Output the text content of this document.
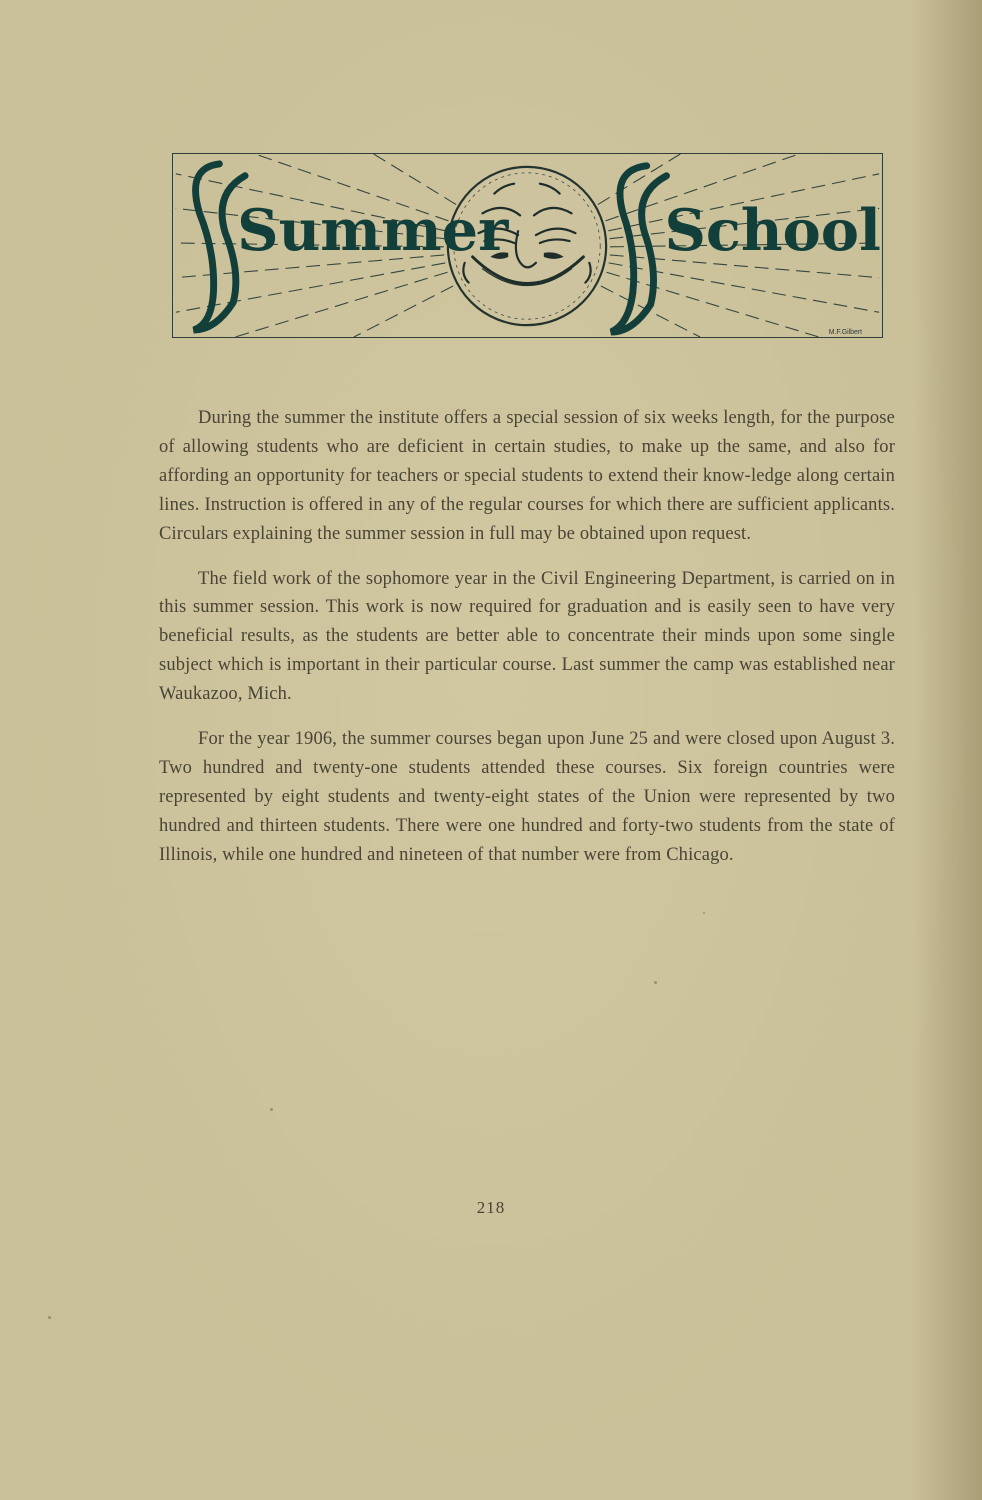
Summer	School
M.F.Gilbert

During the summer the institute offers a special session of six weeks length, for the purpose of allowing students who are deficient in certain studies, to make up the same, and also for affording an opportunity for teachers or special students to extend their know-ledge along certain lines. Instruction is offered in any of the regular courses for which there are sufficient applicants. Circulars explaining the summer session in full may be obtained upon request.

The field work of the sophomore year in the Civil Engineering Department, is carried on in this summer session. This work is now required for graduation and is easily seen to have very beneficial results, as the students are better able to concentrate their minds upon some single subject which is important in their particular course. Last summer the camp was established near Waukazoo, Mich.

For the year 1906, the summer courses began upon June 25 and were closed upon August 3. Two hundred and twenty-one students attended these courses. Six foreign countries were represented by eight students and twenty-eight states of the Union were represented by two hundred and thirteen students. There were one hundred and forty-two students from the state of Illinois, while one hundred and nineteen of that number were from Chicago.

218
